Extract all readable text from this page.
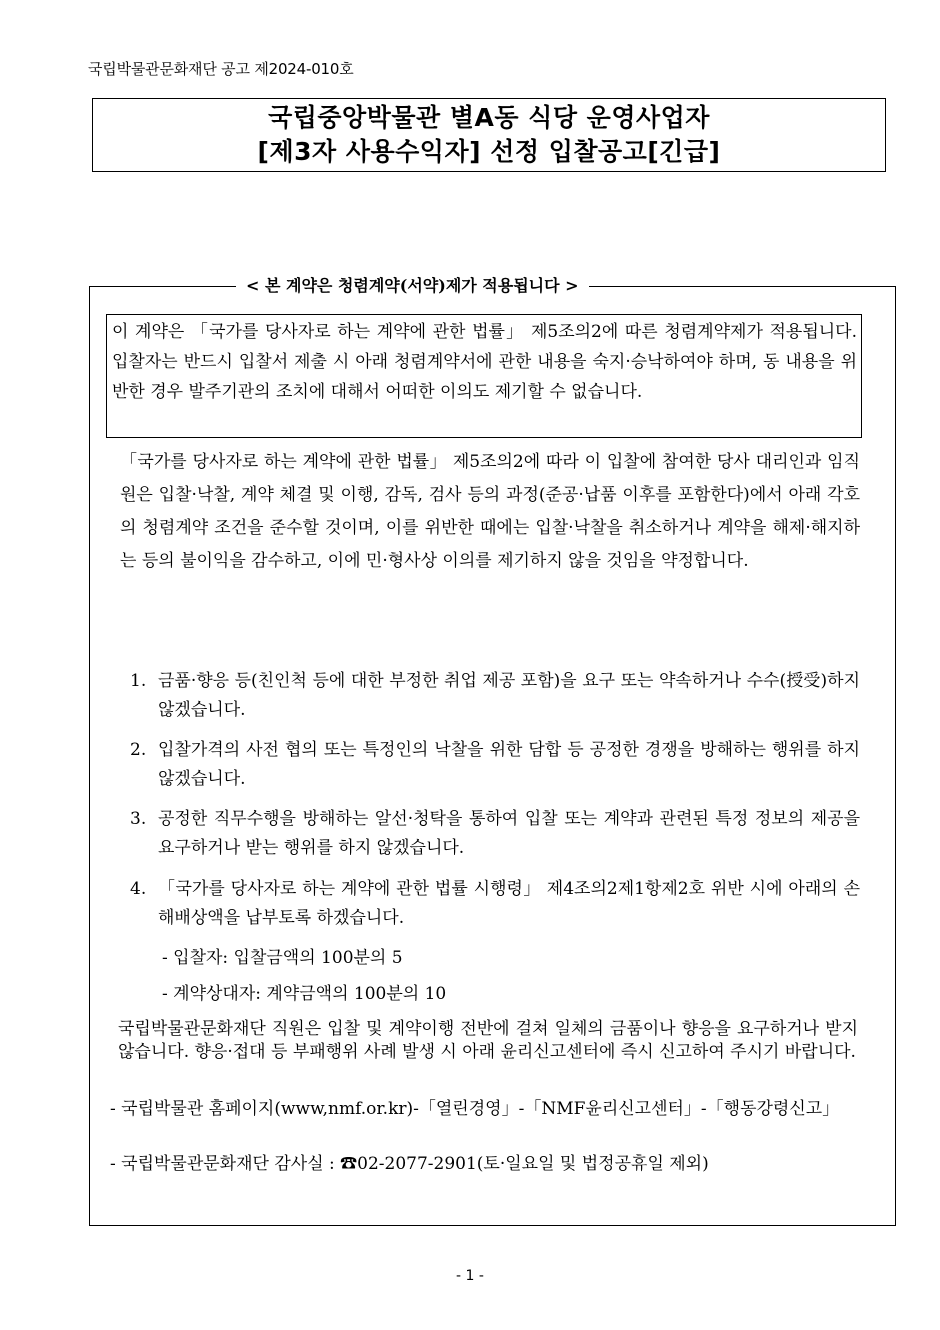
국립박물관문화재단 공고 제2024-010호
국립중앙박물관 별A동 식당 운영사업자
[제3자 사용수익자] 선정 입찰공고[긴급]
< 본 계약은 청렴계약(서약)제가 적용됩니다 >
이 계약은 「국가를 당사자로 하는 계약에 관한 법률」 제5조의2에 따른 청렴계약제가 적용됩니다. 입찰자는 반드시 입찰서 제출 시 아래 청렴계약서에 관한 내용을 숙지·승낙하여야 하며, 동 내용을 위반한 경우 발주기관의 조치에 대해서 어떠한 이의도 제기할 수 없습니다.
「국가를 당사자로 하는 계약에 관한 법률」 제5조의2에 따라 이 입찰에 참여한 당사 대리인과 임직원은 입찰·낙찰, 계약 체결 및 이행, 감독, 검사 등의 과정(준공·납품 이후를 포함한다)에서 아래 각호의 청렴계약 조건을 준수할 것이며, 이를 위반한 때에는 입찰·낙찰을 취소하거나 계약을 해제·해지하는 등의 불이익을 감수하고, 이에 민·형사상 이의를 제기하지 않을 것임을 약정합니다.
1. 금품·향응 등(친인척 등에 대한 부정한 취업 제공 포함)을 요구 또는 약속하거나 수수(授受)하지 않겠습니다.
2. 입찰가격의 사전 협의 또는 특정인의 낙찰을 위한 담합 등 공정한 경쟁을 방해하는 행위를 하지 않겠습니다.
3. 공정한 직무수행을 방해하는 알선·청탁을 통하여 입찰 또는 계약과 관련된 특정 정보의 제공을 요구하거나 받는 행위를 하지 않겠습니다.
4. 「국가를 당사자로 하는 계약에 관한 법률 시행령」 제4조의2제1항제2호 위반 시에 아래의 손해배상액을 납부토록 하겠습니다.
- 입찰자: 입찰금액의 100분의 5
- 계약상대자: 계약금액의 100분의 10
국립박물관문화재단 직원은 입찰 및 계약이행 전반에 걸쳐 일체의 금품이나 향응을 요구하거나 받지 않습니다. 향응·접대 등 부패행위 사례 발생 시 아래 윤리신고센터에 즉시 신고하여 주시기 바랍니다.
- 국립박물관 홈페이지(www,nmf.or.kr)-「열린경영」-「NMF윤리신고센터」-「행동강령신고」
- 국립박물관문화재단 감사실 : ☎02-2077-2901(토·일요일 및 법정공휴일 제외)
- 1 -
